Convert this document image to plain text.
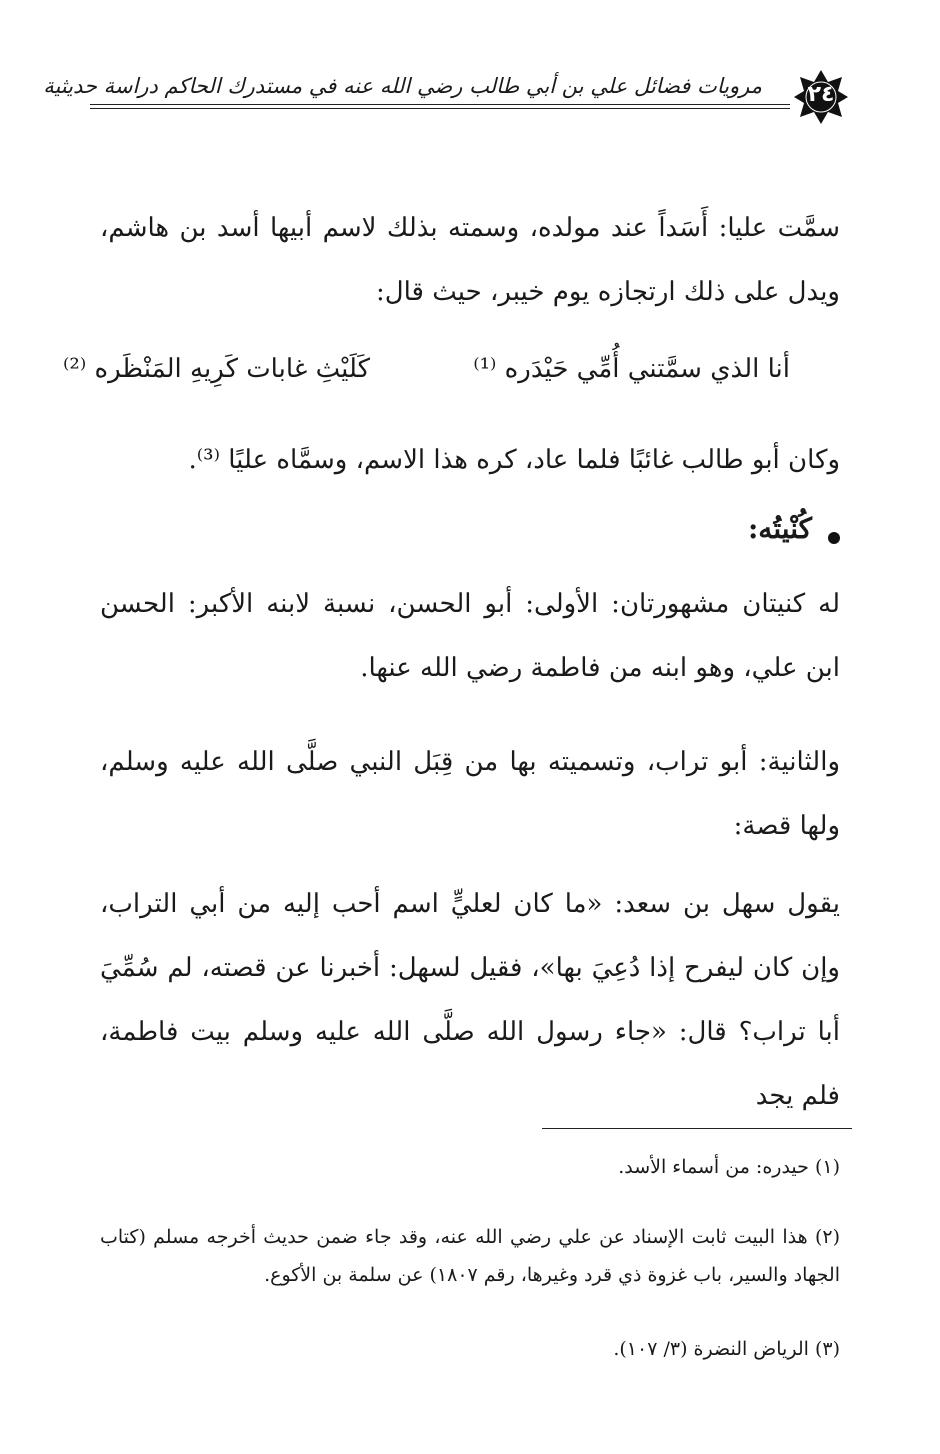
مرويات فضائل علي بن أبي طالب رضي الله عنه في مستدرك الحاكم دراسة حديثية	٢٤

سمَّت عليا: أَسَداً عند مولده، وسمته بذلك لاسم أبيها أسد بن هاشم، ويدل على ذلك ارتجازه يوم خيبر، حيث قال:

أنا الذي سمَّتني أُمِّي حَيْدَره ⁽¹⁾
كَلَيْثِ غابات كَرِيهِ المَنْظَره ⁽²⁾

وكان أبو طالب غائبًا فلما عاد، كره هذا الاسم، وسمَّاه عليًا ⁽³⁾.

كُنْيتُه:

له كنيتان مشهورتان: الأولى: أبو الحسن، نسبة لابنه الأكبر: الحسن ابن علي، وهو ابنه من فاطمة رضي الله عنها.

والثانية: أبو تراب، وتسميته بها من قِبَل النبي صلَّى الله عليه وسلم، ولها قصة:

يقول سهل بن سعد: «ما كان لعليٍّ اسم أحب إليه من أبي التراب، وإن كان ليفرح إذا دُعِيَ بها»، فقيل لسهل: أخبرنا عن قصته، لم سُمِّيَ أبا تراب؟ قال: «جاء رسول الله صلَّى الله عليه وسلم بيت فاطمة، فلم يجد

(١) حيدره: من أسماء الأسد.
(٢) هذا البيت ثابت الإسناد عن علي رضي الله عنه، وقد جاء ضمن حديث أخرجه مسلم (كتاب الجهاد والسير، باب غزوة ذي قرد وغيرها، رقم ١٨٠٧) عن سلمة بن الأكوع.
(٣) الرياض النضرة (٣/ ١٠٧).
